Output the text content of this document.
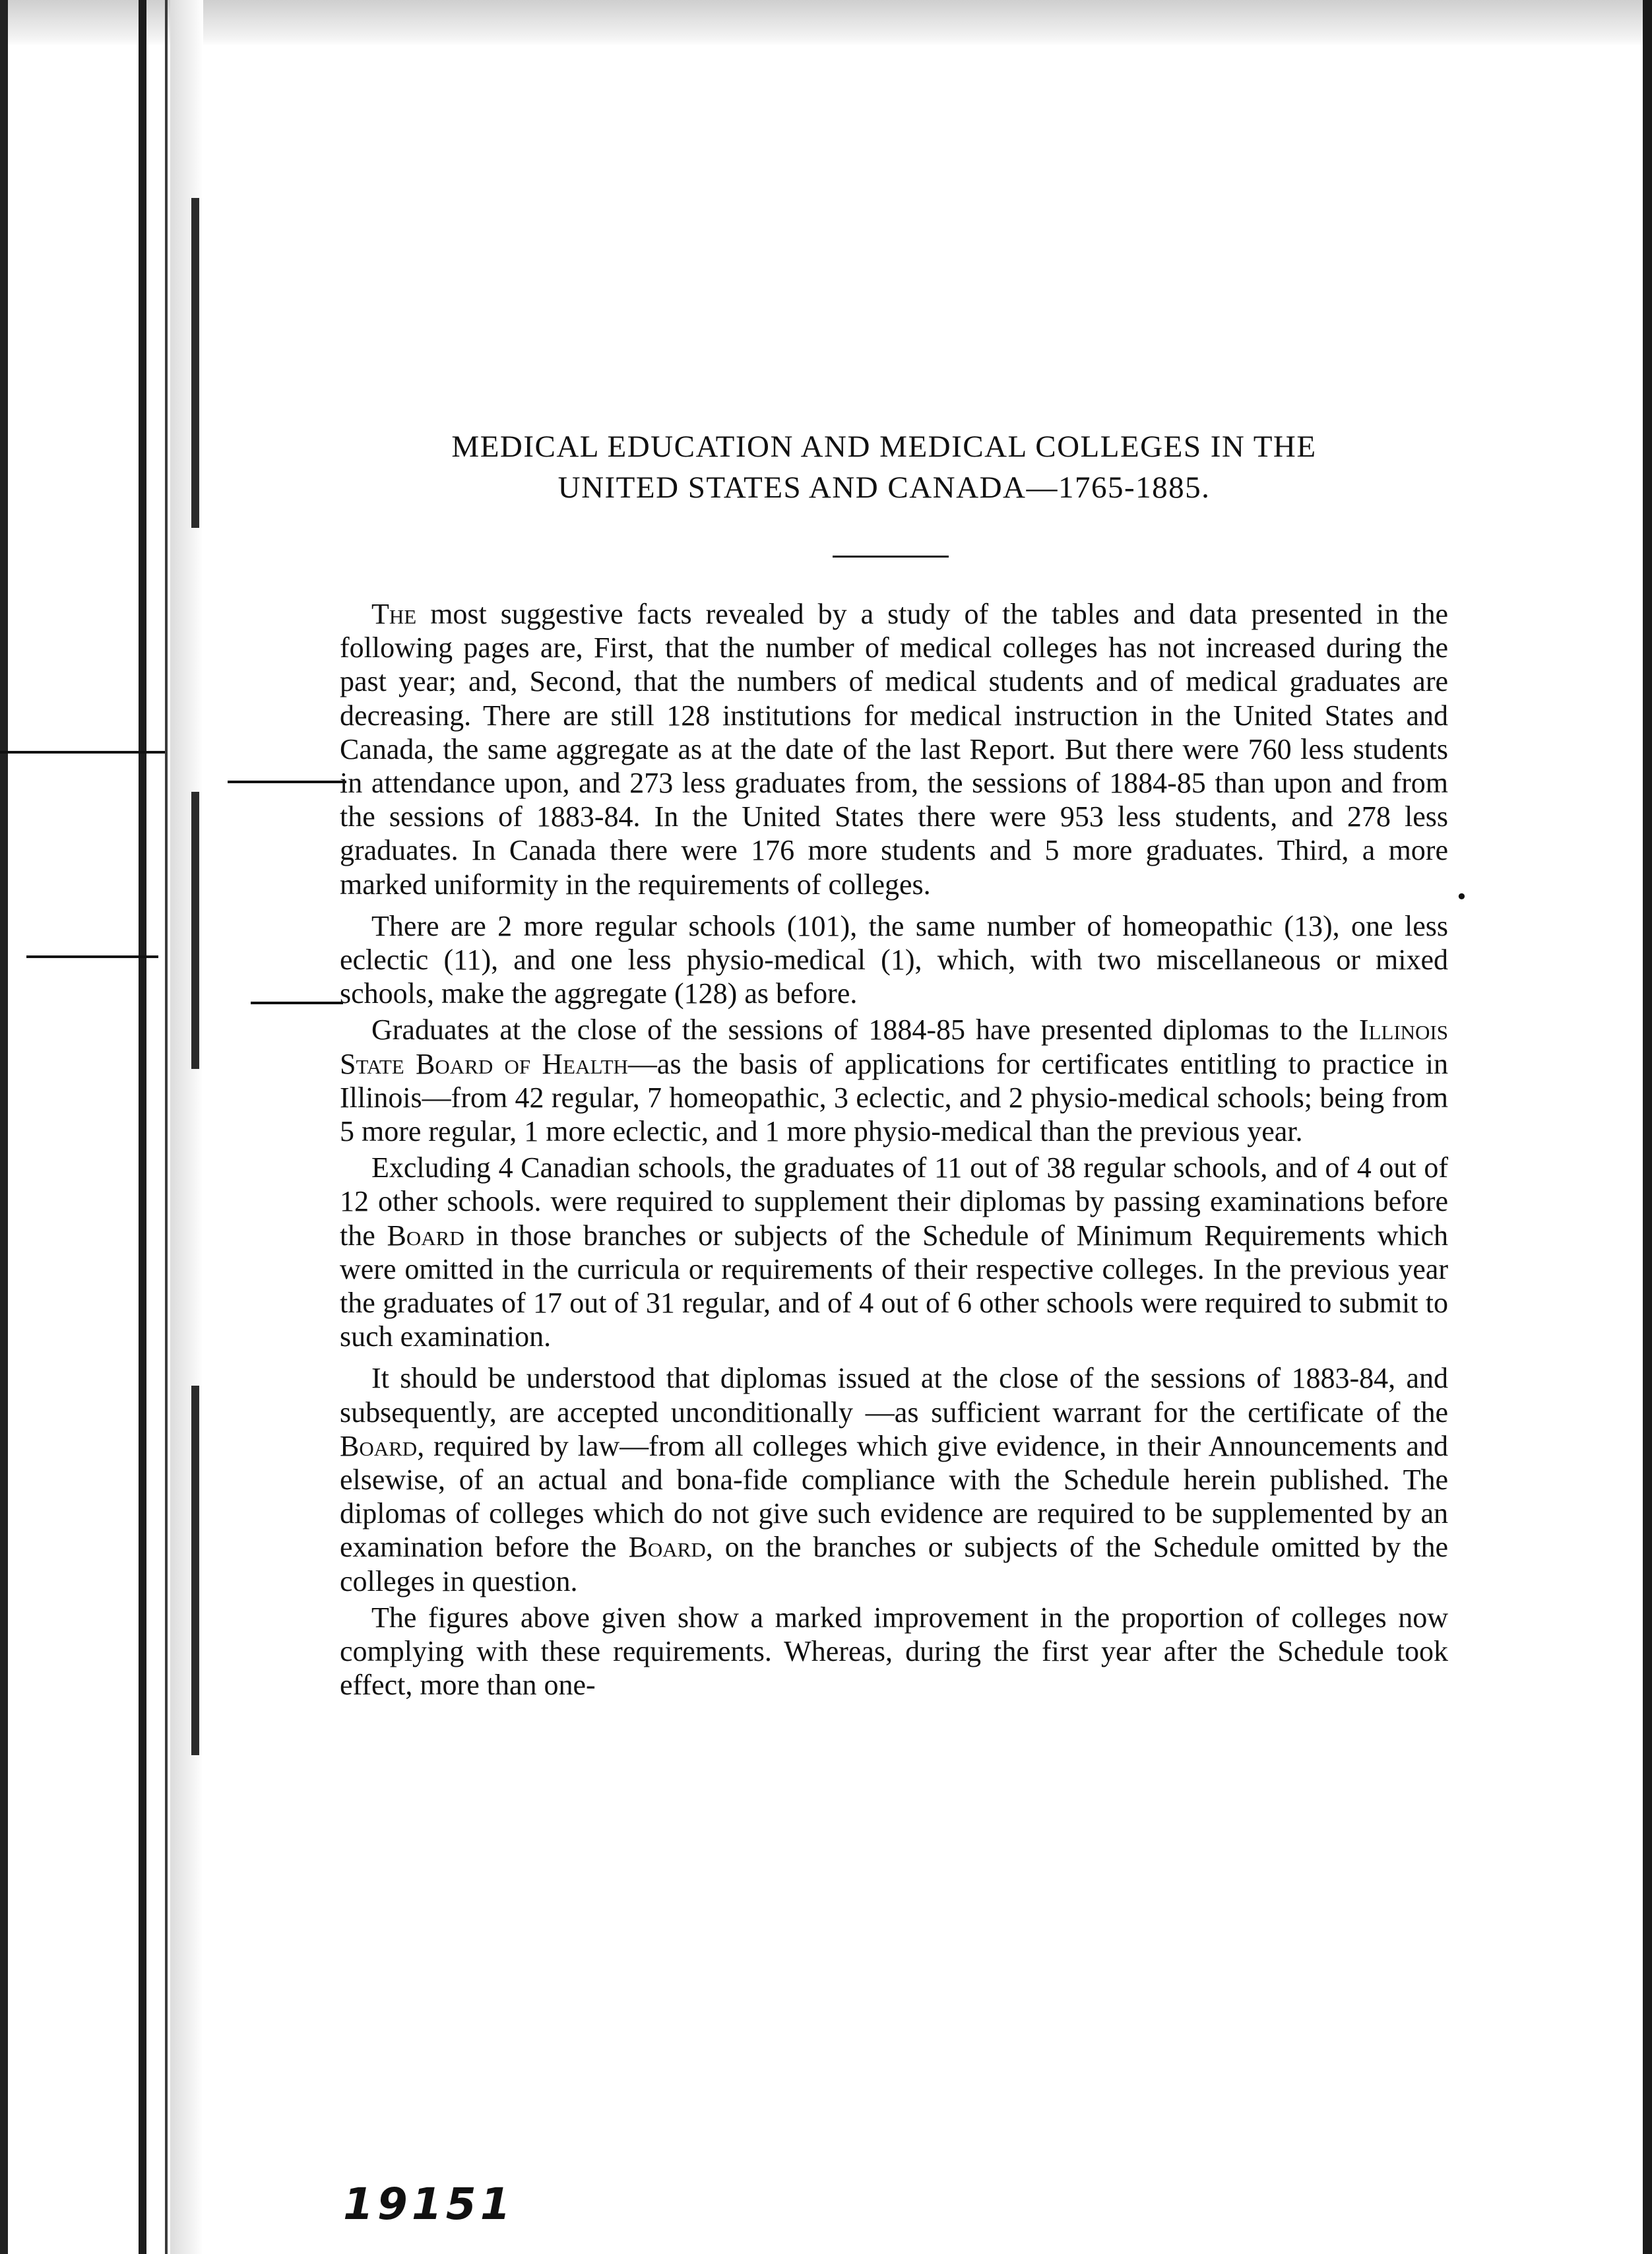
MEDICAL EDUCATION AND MEDICAL COLLEGES IN THE
UNITED STATES AND CANADA—1765-1885.

The most suggestive facts revealed by a study of the tables and data presented in the following pages are, First, that the number of medical colleges has not increased during the past year; and, Second, that the numbers of medical students and of medical graduates are decreasing. There are still 128 institutions for medical instruction in the United States and Canada, the same aggregate as at the date of the last Report. But there were 760 less students in attendance upon, and 273 less graduates from, the sessions of 1884-85 than upon and from the sessions of 1883-84. In the United States there were 953 less students, and 278 less graduates. In Canada there were 176 more students and 5 more graduates. Third, a more marked uniformity in the requirements of colleges.

There are 2 more regular schools (101), the same number of homeopathic (13), one less eclectic (11), and one less physio-medical (1), which, with two miscellaneous or mixed schools, make the aggregate (128) as before.

Graduates at the close of the sessions of 1884-85 have presented diplomas to the Illinois State Board of Health—as the basis of applications for certificates entitling to practice in Illinois—from 42 regular, 7 homeopathic, 3 eclectic, and 2 physio-medical schools; being from 5 more regular, 1 more eclectic, and 1 more physio-medical than the previous year.

Excluding 4 Canadian schools, the graduates of 11 out of 38 regular schools, and of 4 out of 12 other schools. were required to supplement their diplomas by passing examinations before the Board in those branches or subjects of the Schedule of Minimum Requirements which were omitted in the curricula or requirements of their respective colleges. In the previous year the graduates of 17 out of 31 regular, and of 4 out of 6 other schools were required to submit to such examination.

It should be understood that diplomas issued at the close of the sessions of 1883-84, and subsequently, are accepted unconditionally —as sufficient warrant for the certificate of the Board, required by law—from all colleges which give evidence, in their Announcements and elsewise, of an actual and bona-fide compliance with the Schedule herein published. The diplomas of colleges which do not give such evidence are required to be supplemented by an examination before the Board, on the branches or subjects of the Schedule omitted by the colleges in question.

The figures above given show a marked improvement in the proportion of colleges now complying with these requirements. Whereas, during the first year after the Schedule took effect, more than one-

•
19151
